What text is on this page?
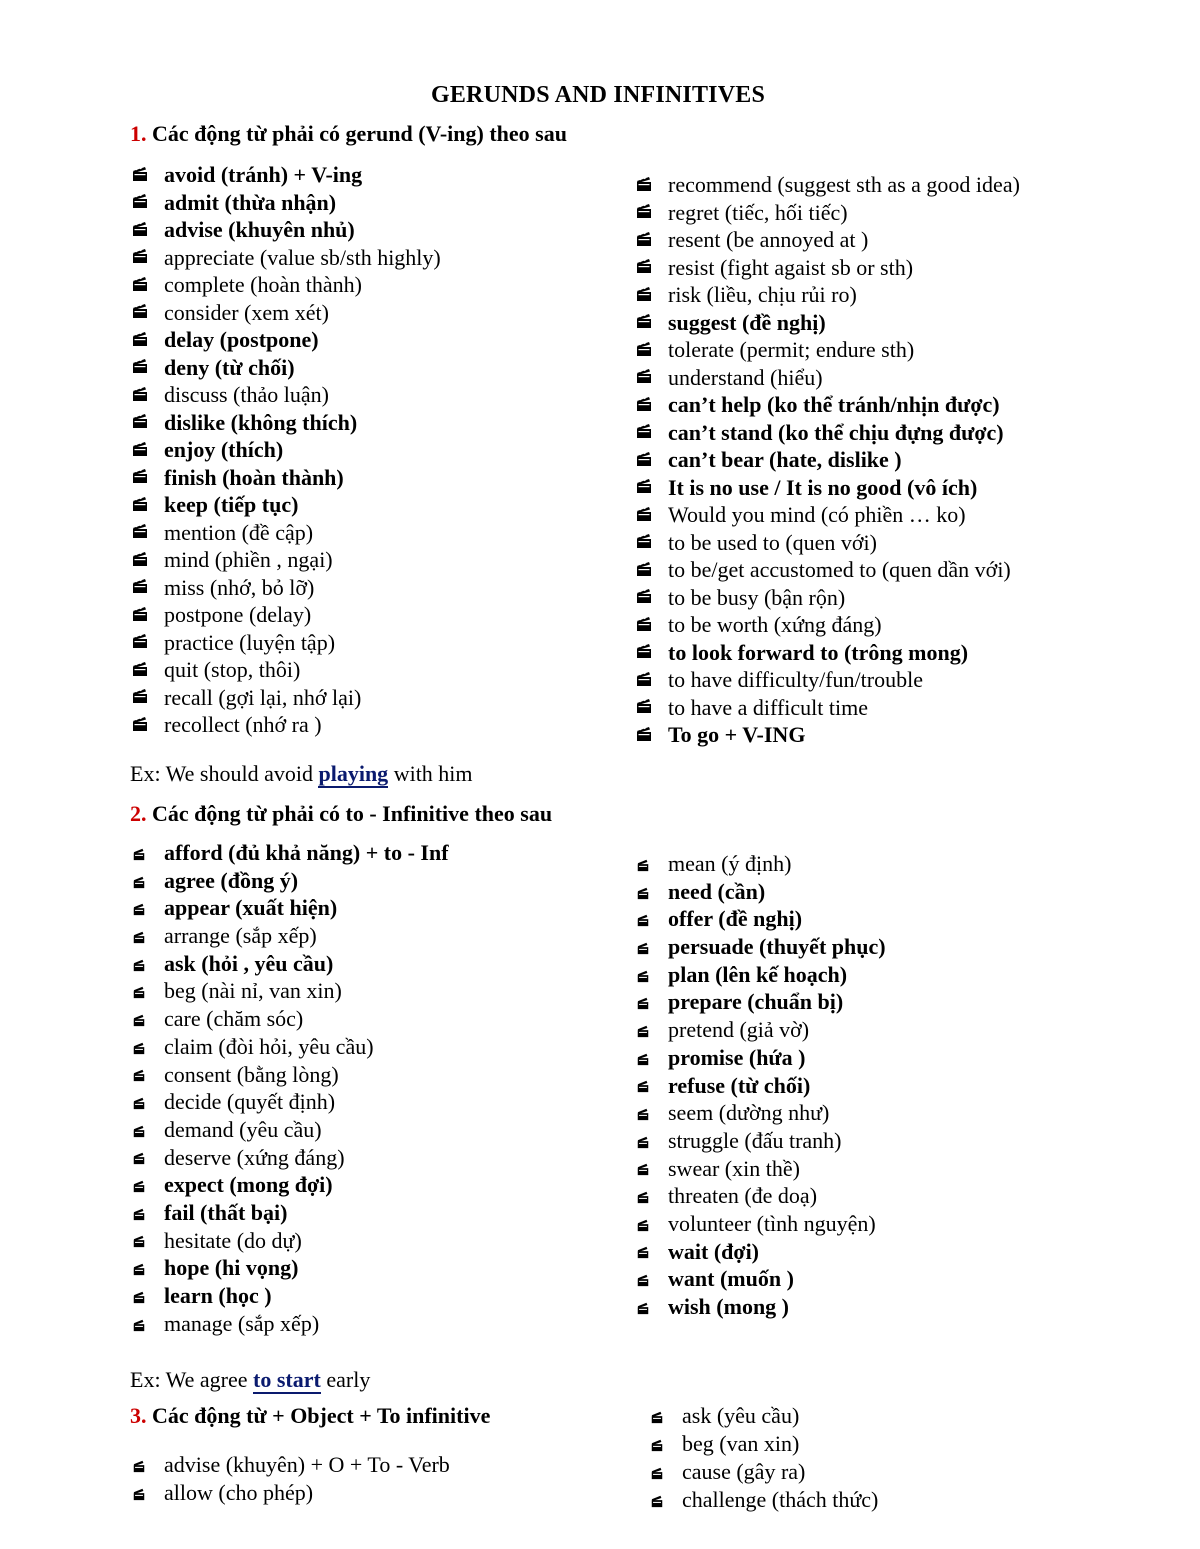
GERUNDS AND INFINITIVES
1. Các động từ phải có gerund (V-ing) theo sau
avoid (tránh) + V-ing
admit (thừa nhận)
advise (khuyên nhủ)
appreciate (value sb/sth highly)
complete (hoàn thành)
consider (xem xét)
delay (postpone)
deny (từ chối)
discuss (thảo luận)
dislike (không thích)
enjoy (thích)
finish (hoàn thành)
keep (tiếp tục)
mention (đề cập)
mind (phiền , ngại)
miss (nhớ, bỏ lỡ)
postpone (delay)
practice (luyện tập)
quit (stop, thôi)
recall (gợi lại, nhớ lại)
recollect (nhớ ra )
recommend (suggest sth as a good idea)
regret (tiếc, hối tiếc)
resent (be annoyed at )
resist (fight agaist sb or sth)
risk (liều, chịu rủi ro)
suggest (đề nghị)
tolerate (permit; endure sth)
understand (hiểu)
can’t help (ko thể tránh/nhịn được)
can’t stand (ko thể chịu đựng được)
can’t bear (hate, dislike )
It is no use / It is no good (vô ích)
Would you mind (có phiền … ko)
to be used to (quen với)
to be/get accustomed to (quen dần với)
to be busy (bận rộn)
to be worth (xứng đáng)
to look forward to (trông mong)
to have difficulty/fun/trouble
to have a difficult time
To go + V-ING
Ex: We should avoid playing with him
2. Các động từ phải có to - Infinitive theo sau
afford (đủ khả năng) + to - Inf
agree (đồng ý)
appear (xuất hiện)
arrange (sắp xếp)
ask (hỏi , yêu cầu)
beg (nài nỉ, van xin)
care (chăm sóc)
claim (đòi hỏi, yêu cầu)
consent (bằng lòng)
decide (quyết định)
demand (yêu cầu)
deserve (xứng đáng)
expect (mong đợi)
fail (thất bại)
hesitate (do dự)
hope (hi vọng)
learn (học )
manage (sắp xếp)
mean (ý định)
need (cần)
offer (đề nghị)
persuade (thuyết phục)
plan (lên kế hoạch)
prepare (chuẩn bị)
pretend (giả vờ)
promise (hứa )
refuse (từ chối)
seem (dường như)
struggle (đấu tranh)
swear (xin thề)
threaten (đe doạ)
volunteer (tình nguyện)
wait (đợi)
want (muốn )
wish (mong )
Ex: We agree to start early
3. Các động từ + Object + To infinitive
advise (khuyên) + O + To - Verb
allow (cho phép)
ask (yêu cầu)
beg (van xin)
cause (gây ra)
challenge (thách thức)
